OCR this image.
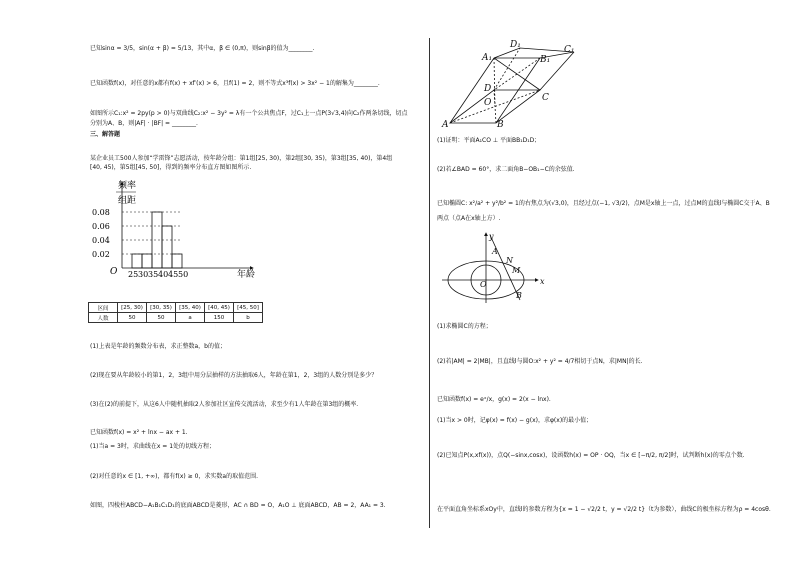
已知sinα = 3/5，sin(α + β) = 5/13，其中α，β ∈ (0,π)，则sinβ的值为________.
已知函数f(x)，对任意的x都有f(x) + xf′(x) > 6，且f(1) = 2，则不等式x³f(x) > 3x² − 1的解集为________.
如图所示C₁:x² = 2py(p > 0)与双曲线C₂:x² − 3y² = λ有一个公共焦点F，过C₁上一点P(3√3,4)向C₂作两条切线，切点
分别为A、B，则|AF| · |BF| = ________.
三、解答题
某企业员工500人参加“学雷锋”志愿活动，按年龄分组：第1组[25, 30)，第2组[30, 35)，第3组[35, 40)，第4组
[40, 45)，第5组[45, 50]，得到的频率分布直方图如图所示.
频率
组距
O	年龄
0.08
0.06
0.04
0.02
25 30 35 40 45 50
区间	[25, 30)	[30, 35)	[35, 40)	[40, 45)	[45, 50]
人数	50	50	a	150	b
(1)上表是年龄的频数分布表，求正整数a，b的值；
(2)现在要从年龄较小的第1，2，3组中用分层抽样的方法抽取6人，年龄在第1，2，3组的人数分别是多少？
(3)在(2)的前提下，从这6人中随机抽取2人参加社区宣传交流活动，求至少有1人年龄在第3组的概率.
已知函数f(x) = x² + lnx − ax + 1.
(1)当a = 3时，求曲线在x = 1处的切线方程；
(2)对任意的x ∈ [1, +∞)，都有f(x) ≥ 0，求实数a的取值范围.
如图，四棱柱ABCD−A₁B₁C₁D₁的底面ABCD是菱形，AC ∩ BD = O，A₁O ⊥ 底面ABCD，AB = 2，AA₁ = 3.
A	B
C
D
A₁	B₁
C₁
D₁
O
(1)证明：平面A₁CO ⊥ 平面BB₁D₁D；
(2)若∠BAD = 60°，求二面角B−OB₁−C的余弦值.
已知椭圆C: x²/a² + y²/b² = 1的右焦点为(√3,0)，且经过点(−1, √3/2)，点M是x轴上一点，过点M的直线l与椭圆C交于A、B
两点（点A在x轴上方）.
y
x
O
A
N
M
B
(1)求椭圆C的方程；
(2)若|AM| = 2|MB|，且直线l与圆O:x² + y² = 4/7相切于点N，求|MN|的长.
已知函数f(x) = eˣ/x，g(x) = 2(x − lnx).
(1)当x > 0时，记φ(x) = f(x) − g(x)，求φ(x)的最小值；
(2)已知点P(x,xf(x))，点Q(−sinx,cosx)，设函数h(x) = OP · OQ，当x ∈ [−π/2, π/2]时，试判断h(x)的零点个数.
在平面直角坐标系xOy中，直线l的参数方程为{x = 1 − √2/2 t，y = √2/2 t}（t为参数），曲线C的极坐标方程为ρ = 4cosθ.
